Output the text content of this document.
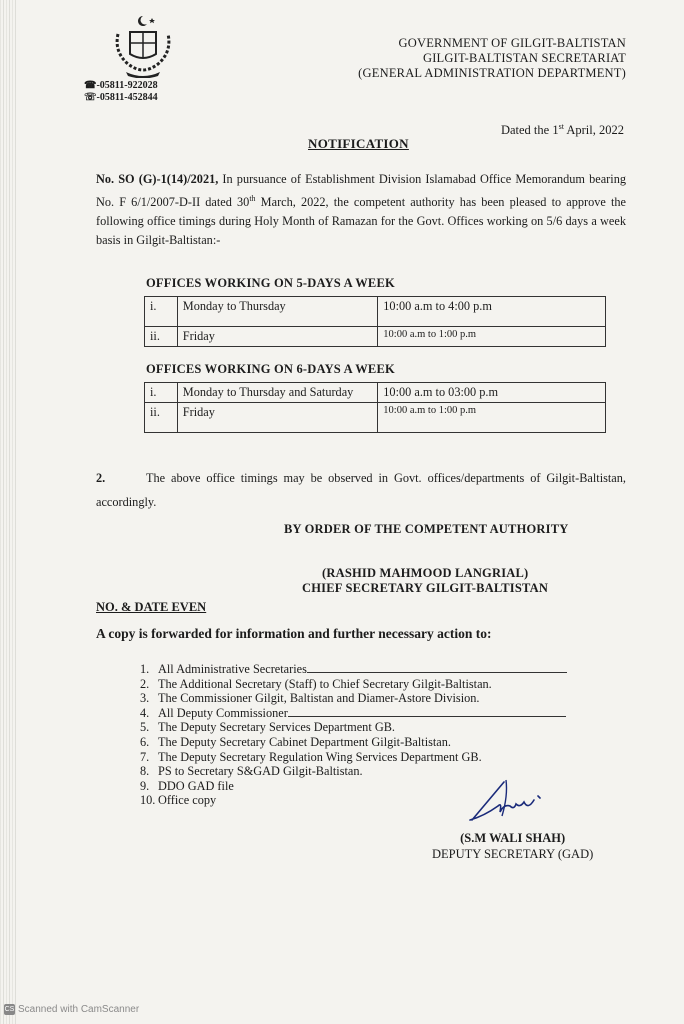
☎-05811-922028
☏-05811-452844
GOVERNMENT OF GILGIT-BALTISTAN
GILGIT-BALTISTAN SECRETARIAT
(GENERAL ADMINISTRATION DEPARTMENT)
Dated the 1st April, 2022
NOTIFICATION
No. SO (G)-1(14)/2021, In pursuance of Establishment Division Islamabad Office Memorandum bearing No. F 6/1/2007-D-II dated 30th March, 2022, the competent authority has been pleased to approve the following office timings during Holy Month of Ramazan for the Govt. Offices working on 5/6 days a week basis in Gilgit-Baltistan:-
OFFICES WORKING ON 5-DAYS A WEEK
i.	Monday to Thursday	10:00 a.m to 4:00 p.m
ii.	Friday	10:00 a.m to 1:00 p.m
OFFICES WORKING ON 6-DAYS A WEEK
i.	Monday to Thursday and Saturday	10:00 a.m to 03:00 p.m
ii.	Friday	10:00 a.m to 1:00 p.m
2.	The above office timings may be observed in Govt. offices/departments of Gilgit-Baltistan, accordingly.
BY ORDER OF THE COMPETENT AUTHORITY
(RASHID MAHMOOD LANGRIAL)
CHIEF SECRETARY GILGIT-BALTISTAN
NO. & DATE EVEN
A copy is forwarded for information and further necessary action to:
1. All Administrative Secretaries
2. The Additional Secretary (Staff) to Chief Secretary Gilgit-Baltistan.
3. The Commissioner Gilgit, Baltistan and Diamer-Astore Division.
4. All Deputy Commissioner
5. The Deputy Secretary Services Department GB.
6. The Deputy Secretary Cabinet Department Gilgit-Baltistan.
7. The Deputy Secretary Regulation Wing Services Department GB.
8. PS to Secretary S&GAD Gilgit-Baltistan.
9. DDO GAD file
10. Office copy
(S.M WALI SHAH)
DEPUTY SECRETARY (GAD)
CS Scanned with CamScanner
